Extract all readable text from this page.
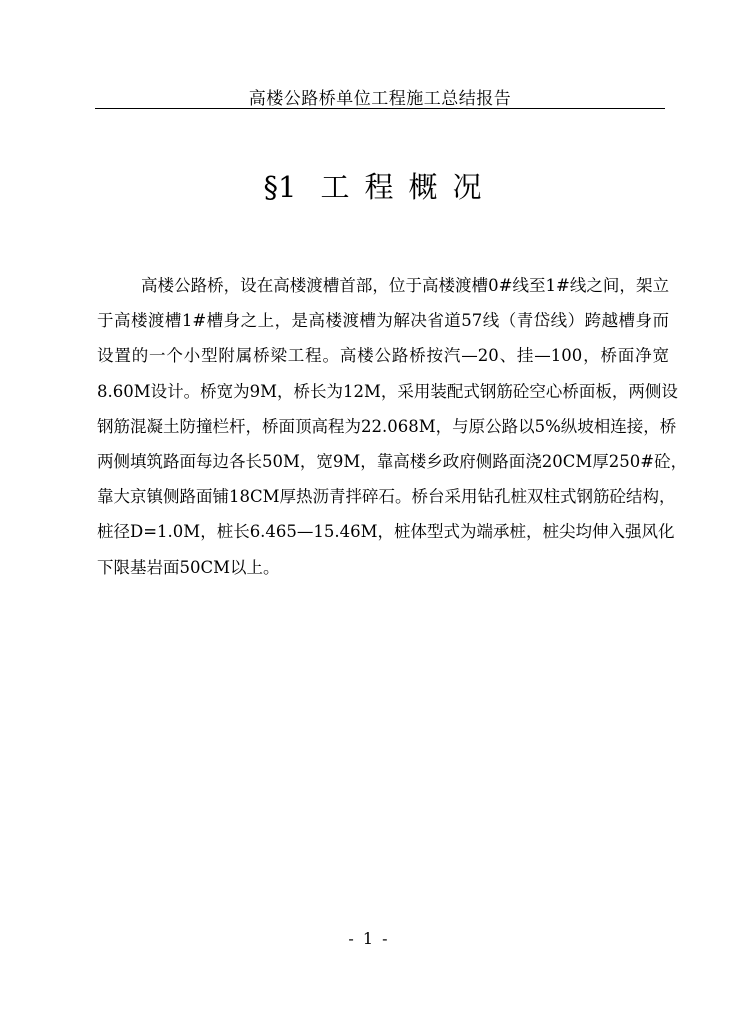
高楼公路桥单位工程施工总结报告
§1 工程概况

高楼公路桥，设在高楼渡槽首部，位于高楼渡槽0#线至1#线之间，架立
于高楼渡槽1#槽身之上，是高楼渡槽为解决省道57线（青岱线）跨越槽身而
设置的一个小型附属桥梁工程。高楼公路桥按汽—20、挂—100，桥面净宽
8.60M设计。桥宽为9M，桥长为12M，采用装配式钢筋砼空心桥面板，两侧设
钢筋混凝土防撞栏杆，桥面顶高程为22.068M，与原公路以5%纵坡相连接，桥
两侧填筑路面每边各长50M，宽9M，靠高楼乡政府侧路面浇20CM厚250#砼，
靠大京镇侧路面铺18CM厚热沥青拌碎石。桥台采用钻孔桩双柱式钢筋砼结构，
桩径D=1.0M，桩长6.465—15.46M，桩体型式为端承桩，桩尖均伸入强风化
下限基岩面50CM以上。

- 1 -
